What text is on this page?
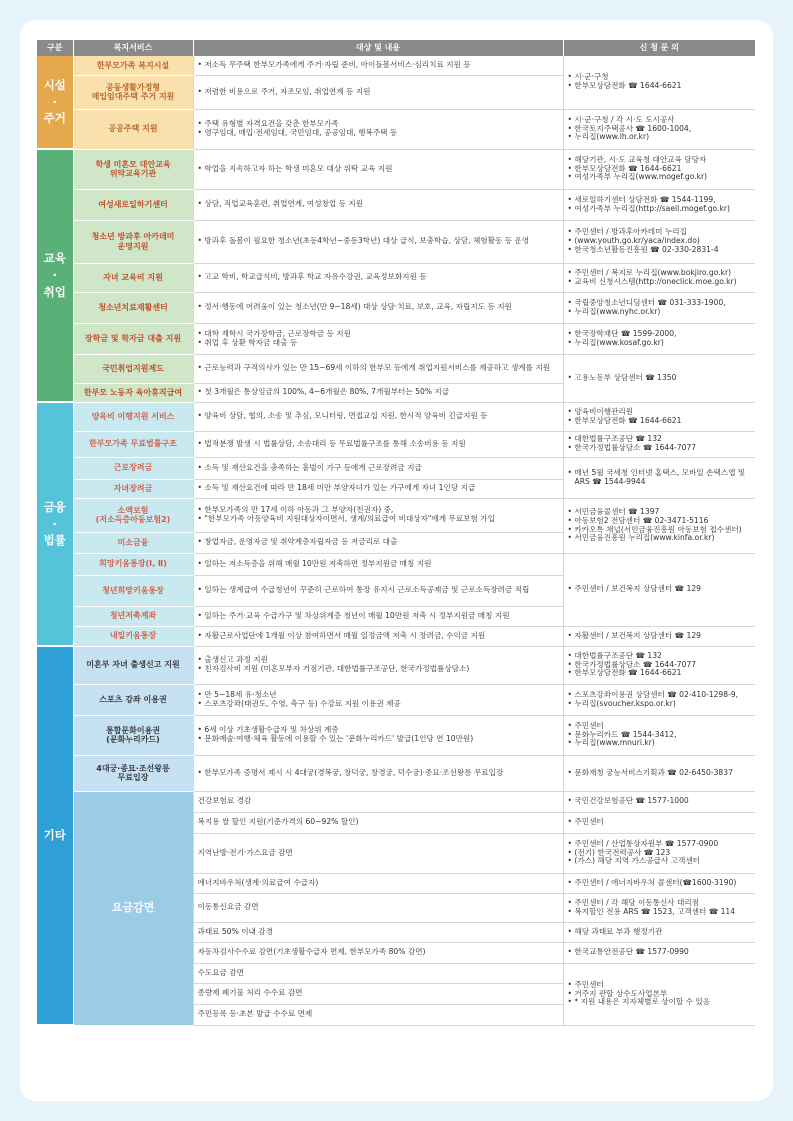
구분	복지서비스	대상 및 내용	신 청 문 의

시설
·
주거	한부모가족 복지시설	• 저소득 무주택 한부모가족에게 주거·자립 준비, 아이돌봄서비스·심리치료 지원 등	• 시·군·구청
• 한부모상담전화 ☎ 1644-6621

	공동생활가정형
매입임대주택 주거 지원	• 저렴한 비용으로 주거, 자조모임, 취업연계 등 지원

	공공주택 지원	• 주택 유형별 자격요건을 갖춘 한부모가족
• 영구임대, 매입·전세임대, 국민임대, 공공임대, 행복주택 등	• 시·군·구청 / 각 시·도 도시공사
• 한국토지주택공사 ☎ 1600-1004,
• 누리집(www.lh.or.kr)

교육
·
취업	학생 미혼모 대안교육
위탁교육기관	• 학업을 지속하고자 하는 학생 미혼모 대상 위탁 교육 지원	• 해당기관, 시·도 교육청 대안교육 담당자
• 한부모상담전화 ☎ 1644-6621
• 여성가족부 누리집(www.mogef.go.kr)

	여성새로일하기센터	• 상담, 직업교육훈련, 취업연계, 여성창업 등 지원	• 새로일하기센터 상담전화 ☎ 1544-1199,
• 여성가족부 누리집(http://saeil.mogef.go.kr)

	청소년 방과후 아카데미
운영지원	• 방과후 돌봄이 필요한 청소년(초등4학년~중등3학년) 대상 급식, 보충학습, 상담, 체험활동 등 운영	• 주민센터 / 방과후아카데미 누리집
• (www.youth.go.kr/yaca/index.do)
• 한국청소년활동진흥원 ☎ 02-330-2831-4

	자녀 교육비 지원	• 고교 학비, 학교급식비, 방과후 학교 자유수강권, 교육정보화지원 등	• 주민센터 / 복지로 누리집(www.bokjiro.go.kr)
• 교육비 신청시스템(http://oneclick.moe.go.kr)

	청소년치료재활센터	• 정서·행동에 어려움이 있는 청소년(만 9~18세) 대상 상담·치료, 보호, 교육, 자립지도 등 지원	• 국립중앙청소년디딤센터 ☎ 031-333-1900,
• 누리집(www.nyhc.or.kr)

	장학금 및 학자금 대출 지원	• 대학 재학시 국가장학금, 근로장학금 등 지원
• 취업 후 상환 학자금 대출 등	• 한국장학재단 ☎ 1599-2000,
• 누리집(www.kosaf.go.kr)

	국민취업지원제도	• 근로능력과 구직의사가 있는 만 15~69세 이하의 한부모 등에게 취업지원서비스를 제공하고 생계를 지원	• 고용노동부 상담센터 ☎ 1350

	한부모 노동자 육아휴직급여	• 첫 3개월은 통상임금의 100%, 4~6개월은 80%, 7개월부터는 50% 지급

금융
·
법률	양육비 이행지원 서비스	• 양육비 상담, 협의, 소송 및 추심, 모니터링, 면접교섭 지원, 한시적 양육비 긴급지원 등	• 양육비이행관리원
• 한부모상담전화 ☎ 1644-6621

	한부모가족 무료법률구조	• 법적분쟁 발생 시 법률상담, 소송대리 등 무료법률구조를 통해 소송비용 등 지원	• 대한법률구조공단 ☎ 132
• 한국가정법률상담소 ☎ 1644-7077

	근로장려금	• 소득 및 재산요건을 충족하는 홑벌이 가구 등에게 근로장려금 지급	• 매년 5월 국세청 인터넷 홈택스, 모바일 손택스앱 및 ARS ☎ 1544-9944

	자녀장려금	• 소득 및 재산요건에 따라 만 18세 미만 부양자녀가 있는 가구에게 자녀 1인당 지급

	소액보험
(저소득층아동보험2)	• 한부모가족의 만 17세 이하 아동과 그 부양자(친권자) 중,
• "한부모가족 아동양육비 지원대상자이면서, 생계/의료급여 비대상자"에게 무료보험 가입	• 서민금융콜센터 ☎ 1397
• 아동보험2 전담센터 ☎ 02-3471-5116
• 카카오톡 채널(서민금융진흥원 아동보험 접수센터)
• 서민금융진흥원 누리집(www.kinfa.or.kr)

	미소금융	• 창업자금, 운영자금 및 취약계층자립자금 등 저금리로 대출

	희망키움통장(Ⅰ, Ⅱ)	• 일하는 저소득층을 위해 매월 10만원 저축하면 정부지원금 매칭 지원	• 주민센터 / 보건복지 상담센터 ☎ 129

	청년희망키움통장	• 일하는 생계급여 수급청년이 꾸준히 근로하여 통장 유지시 근로소득공제금 및 근로소득장려금 적립

	청년저축계좌	• 일하는 주거·교육 수급가구 및 차상위계층 청년이 매월 10만원 저축 시 정부지원금 매칭 지원

	내일키움통장	• 자활근로사업단에 1개월 이상 참여하면서 매월 일정금액 저축 시 장려금, 수익금 지원	• 자활센터 / 보건복지 상담센터 ☎ 129

기타	미혼부 자녀 출생신고 지원	• 출생신고 과정 지원
• 친자검사비 지원 (미혼모부자 거점기관, 대한법률구조공단, 한국가정법률상담소)	• 대한법률구조공단 ☎ 132
• 한국가정법률상담소 ☎ 1644-7077
• 한부모상담전화 ☎ 1644-6621

	스포츠 강좌 이용권	• 만 5~18세 유·청소년
• 스포츠강좌(태권도, 수영, 축구 등) 수강료 지원 이용권 제공	• 스포츠강좌이용권 상담센터 ☎ 02-410-1298-9,
• 누리집(svoucher.kspo.or.kr)

	통합문화이용권
(문화누리카드)	• 6세 이상 기초생활수급자 및 차상위 계층
• 문화예술·여행·체육 활동에 이용할 수 있는 '문화누리카드' 발급(1인당 연 10만원)	• 주민센터
• 문화누리카드 ☎ 1544-3412,
• 누리집(www.mnuri.kr)

	4대궁·종묘·조선왕릉
무료입장	• 한부모가족 증명서 제시 시 4대궁(경복궁, 창덕궁, 창경궁, 덕수궁)·종묘·조선왕릉 무료입장	• 문화재청 궁능서비스기획과 ☎ 02-6450-3837

	요금감면	건강보험료 경감	• 국민건강보험공단 ☎ 1577-1000

		복지용 쌀 할인 지원(기준가격의 60~92% 할인)	• 주민센터

		지역난방·전기·가스요금 감면	• 주민센터 / 산업통상자원부 ☎ 1577-0900
• (전기) 한국전력공사 ☎ 123
• (가스) 해당 지역 가스공급사 고객센터

		에너지바우처(생계·의료급여 수급자)	• 주민센터 / 에너지바우처 콜센터(☎1600-3190)

		이동통신요금 감면	• 주민센터 / 각 해당 이동통신사 대리점
• 복지할인 전용 ARS ☎ 1523, 고객센터 ☎ 114

		과태료 50% 이내 감경	• 해당 과태료 부과 행정기관

		자동차검사수수료 감면(기초생활수급자 면제, 한부모가족 80% 감면)	• 한국교통안전공단 ☎ 1577-0990

		수도요금 감면	• 주민센터
• 거주지 관할 상수도사업본부
• * 지원 내용은 지자체별로 상이할 수 있음

		종량제 폐기물 처리 수수료 감면	
		주민등록 등·초본 발급 수수료 면제	
